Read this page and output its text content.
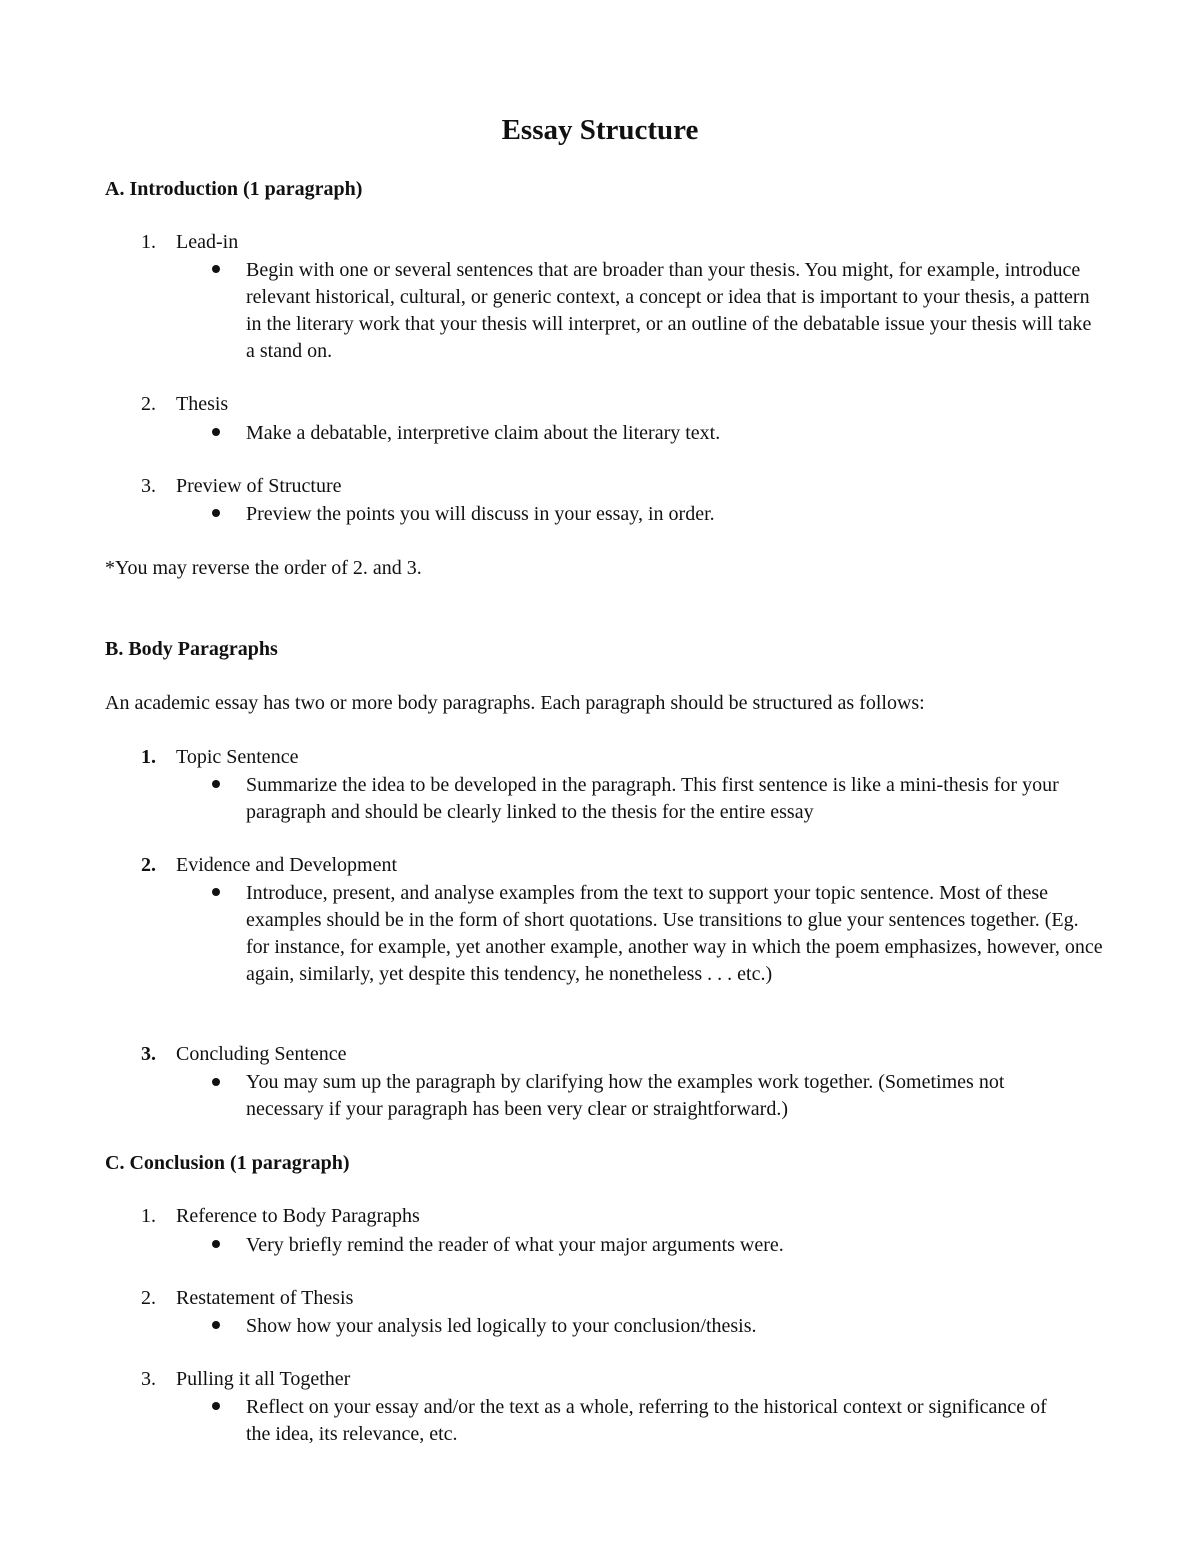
Essay Structure
A. Introduction (1 paragraph)
1. Lead-in
Begin with one or several sentences that are broader than your thesis. You might, for example, introduce relevant historical, cultural, or generic context, a concept or idea that is important to your thesis, a pattern in the literary work that your thesis will interpret, or an outline of the debatable issue your thesis will take a stand on.
2. Thesis
Make a debatable, interpretive claim about the literary text.
3. Preview of Structure
Preview the points you will discuss in your essay, in order.
*You may reverse the order of 2. and 3.
B. Body Paragraphs
An academic essay has two or more body paragraphs. Each paragraph should be structured as follows:
1. Topic Sentence
Summarize the idea to be developed in the paragraph. This first sentence is like a mini-thesis for your paragraph and should be clearly linked to the thesis for the entire essay
2. Evidence and Development
Introduce, present, and analyse examples from the text to support your topic sentence. Most of these examples should be in the form of short quotations. Use transitions to glue your sentences together. (Eg. for instance, for example, yet another example, another way in which the poem emphasizes, however, once again, similarly, yet despite this tendency, he nonetheless . . . etc.)
3. Concluding Sentence
You may sum up the paragraph by clarifying how the examples work together. (Sometimes not necessary if your paragraph has been very clear or straightforward.)
C. Conclusion (1 paragraph)
1. Reference to Body Paragraphs
Very briefly remind the reader of what your major arguments were.
2. Restatement of Thesis
Show how your analysis led logically to your conclusion/thesis.
3. Pulling it all Together
Reflect on your essay and/or the text as a whole, referring to the historical context or significance of the idea, its relevance, etc.
